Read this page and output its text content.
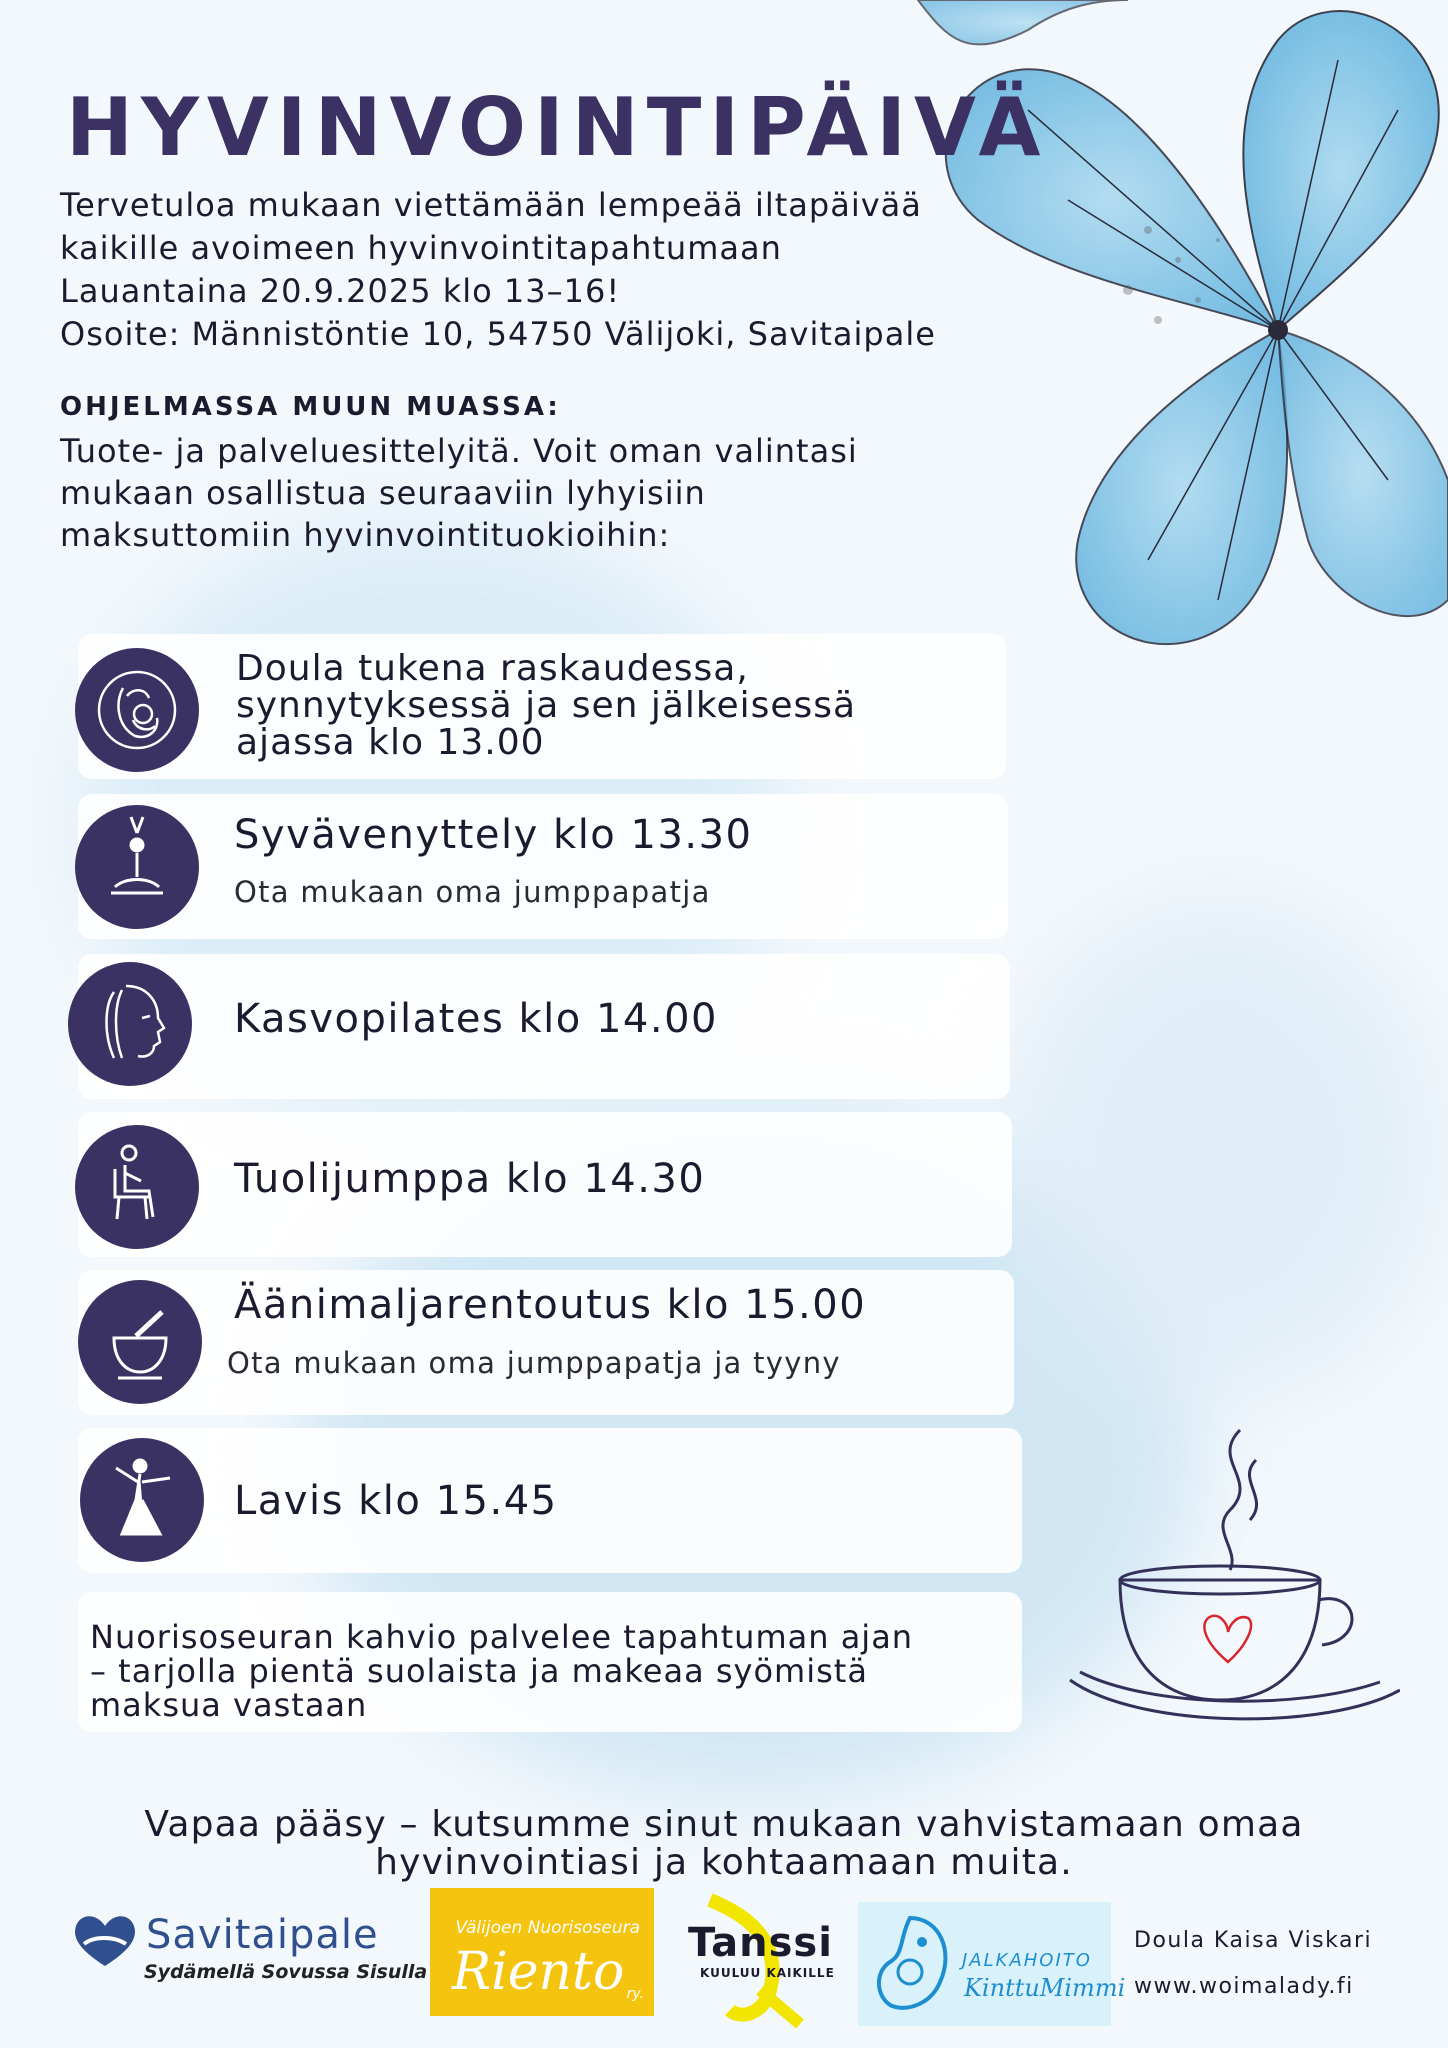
HYVINVOINTIPÄIVÄ
Tervetuloa mukaan viettämään lempeää iltapäivää
kaikille avoimeen hyvinvointitapahtumaan
Lauantaina 20.9.2025 klo 13–16!
Osoite: Männistöntie 10, 54750 Välijoki, Savitaipale
OHJELMASSA MUUN MUASSA:
Tuote- ja palveluesittelyitä. Voit oman valintasi
mukaan osallistua seuraaviin lyhyisiin
maksuttomiin hyvinvointituokioihin:
Doula tukena raskaudessa,
synnytyksessä ja sen jälkeisessä
ajassa klo 13.00
Syvävenyttely klo 13.30
Ota mukaan oma jumppapatja
Kasvopilates klo 14.00
Tuolijumppa klo 14.30
Äänimaljarentoutus klo 15.00
Ota mukaan oma jumppapatja ja tyyny
Lavis klo 15.45
Nuorisoseuran kahvio palvelee tapahtuman ajan
– tarjolla pientä suolaista ja makeaa syömistä
maksua vastaan
Vapaa pääsy – kutsumme sinut mukaan vahvistamaan omaa
hyvinvointiasi ja kohtaamaan muita.
Savitaipale
Sydämellä Sovussa Sisulla
Välijoen Nuorisoseura
Riento ry.
Tanssi
KUULUU KAIKILLE
JALKAHOITO
KinttuMimmi
Doula Kaisa Viskari
www.woimalady.fi
